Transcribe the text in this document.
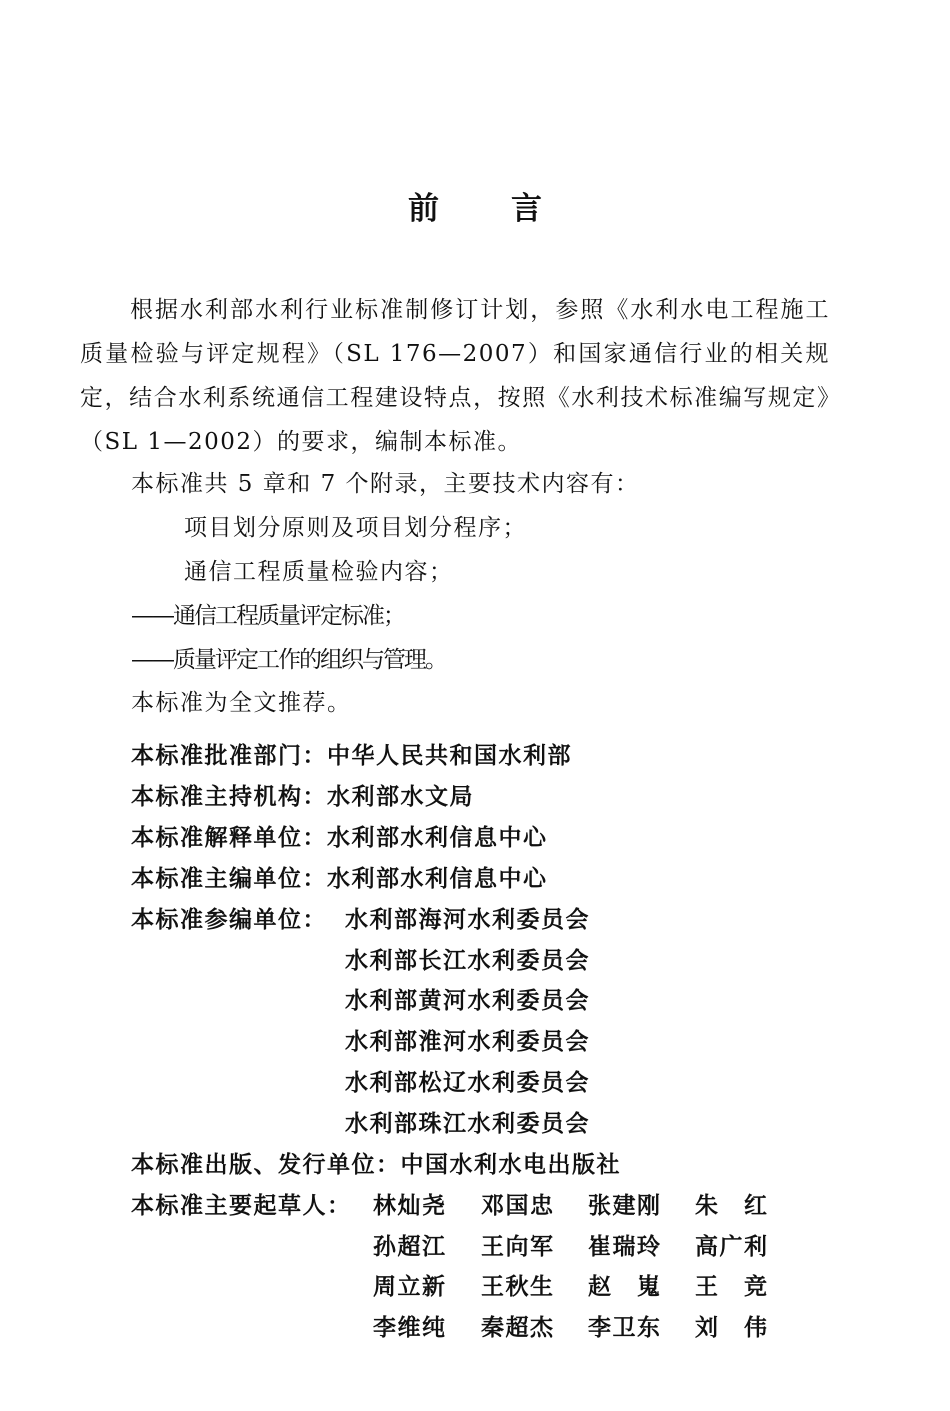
前 言
根据水利部水利行业标准制修订计划，参照《水利水电工程施工质量检验与评定规程》（SL 176—2007）和国家通信行业的相关规定，结合水利系统通信工程建设特点，按照《水利技术标准编写规定》（SL 1—2002）的要求，编制本标准。
本标准共 5 章和 7 个附录，主要技术内容有：
项目划分原则及项目划分程序；
通信工程质量检验内容；
——通信工程质量评定标准；
——质量评定工作的组织与管理。
本标准为全文推荐。
本标准批准部门：中华人民共和国水利部
本标准主持机构：水利部水文局
本标准解释单位：水利部水利信息中心
本标准主编单位：水利部水利信息中心
本标准参编单位： 水利部海河水利委员会
水利部长江水利委员会
水利部黄河水利委员会
水利部淮河水利委员会
水利部松辽水利委员会
水利部珠江水利委员会
本标准出版、发行单位：中国水利水电出版社
本标准主要起草人： 林灿尧 邓国忠 张建刚 朱　红
孙超江 王向军 崔瑞玲 高广利
周立新 王秋生 赵　嵬 王　竞
李维纯 秦超杰 李卫东 刘　伟
